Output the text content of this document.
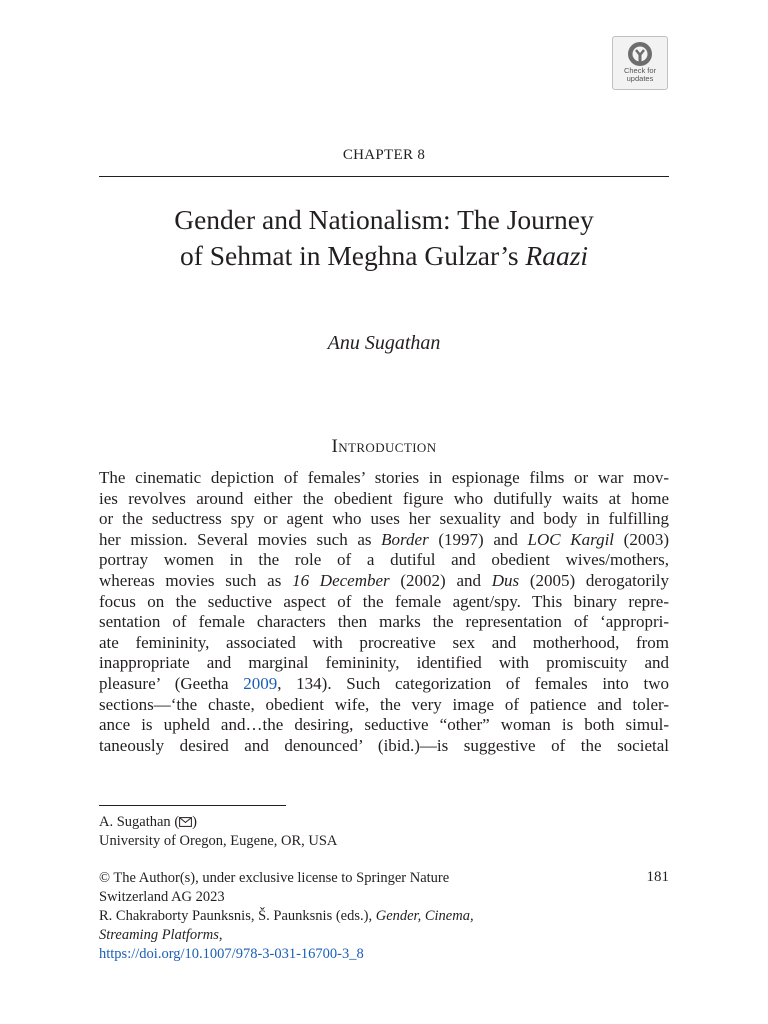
Check for
updates
CHAPTER 8
Gender and Nationalism: The Journey
of Sehmat in Meghna Gulzar’s Raazi
Anu Sugathan
Introduction
The cinematic depiction of females’ stories in espionage films or war mov-
ies revolves around either the obedient figure who dutifully waits at home
or the seductress spy or agent who uses her sexuality and body in fulfilling
her mission. Several movies such as Border (1997) and LOC Kargil (2003)
portray women in the role of a dutiful and obedient wives/mothers,
whereas movies such as 16 December (2002) and Dus (2005) derogatorily
focus on the seductive aspect of the female agent/spy. This binary repre-
sentation of female characters then marks the representation of ‘appropri-
ate femininity, associated with procreative sex and motherhood, from
inappropriate and marginal femininity, identified with promiscuity and
pleasure’ (Geetha 2009, 134). Such categorization of females into two
sections—‘the chaste, obedient wife, the very image of patience and toler-
ance is upheld and…the desiring, seductive “other” woman is both simul-
taneously desired and denounced’ (ibid.)—is suggestive of the societal
A. Sugathan ( )
University of Oregon, Eugene, OR, USA
© The Author(s), under exclusive license to Springer Nature
Switzerland AG 2023
R. Chakraborty Paunksnis, Š. Paunksnis (eds.), Gender, Cinema,
Streaming Platforms,
https://doi.org/10.1007/978-3-031-16700-3_8
181
